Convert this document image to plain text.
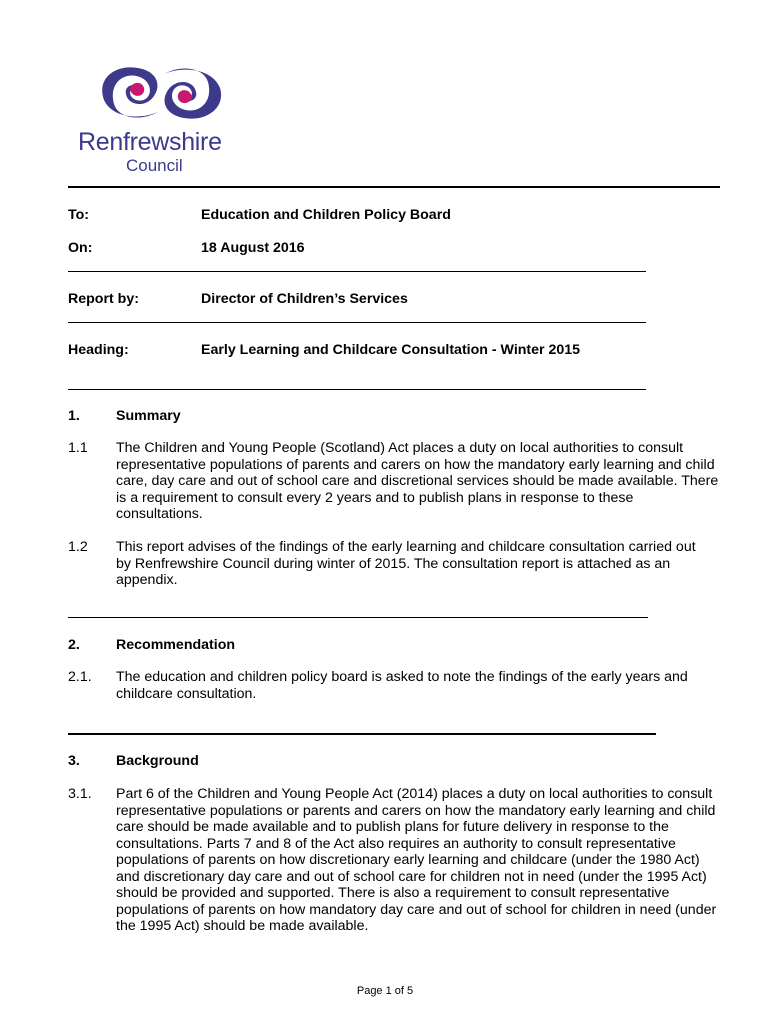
Renfrewshire
Council
To:	Education and Children Policy Board
On:	18 August 2016
Report by:	Director of Children’s Services
Heading:	Early Learning and Childcare Consultation - Winter 2015
1.	Summary
1.1 The Children and Young People (Scotland) Act places a duty on local authorities to consult representative populations of parents and carers on how the mandatory early learning and child care, day care and out of school care and discretional services should be made available. There is a requirement to consult every 2 years and to publish plans in response to these consultations.
1.2 This report advises of the findings of the early learning and childcare consultation carried out by Renfrewshire Council during winter of 2015. The consultation report is attached as an appendix.
2.	Recommendation
2.1. The education and children policy board is asked to note the findings of the early years and childcare consultation.
3.	Background
3.1. Part 6 of the Children and Young People Act (2014) places a duty on local authorities to consult representative populations or parents and carers on how the mandatory early learning and child care should be made available and to publish plans for future delivery in response to the consultations. Parts 7 and 8 of the Act also requires an authority to consult representative populations of parents on how discretionary early learning and childcare (under the 1980 Act) and discretionary day care and out of school care for children not in need (under the 1995 Act) should be provided and supported. There is also a requirement to consult representative populations of parents on how mandatory day care and out of school for children in need (under the 1995 Act) should be made available.
Page 1 of 5
